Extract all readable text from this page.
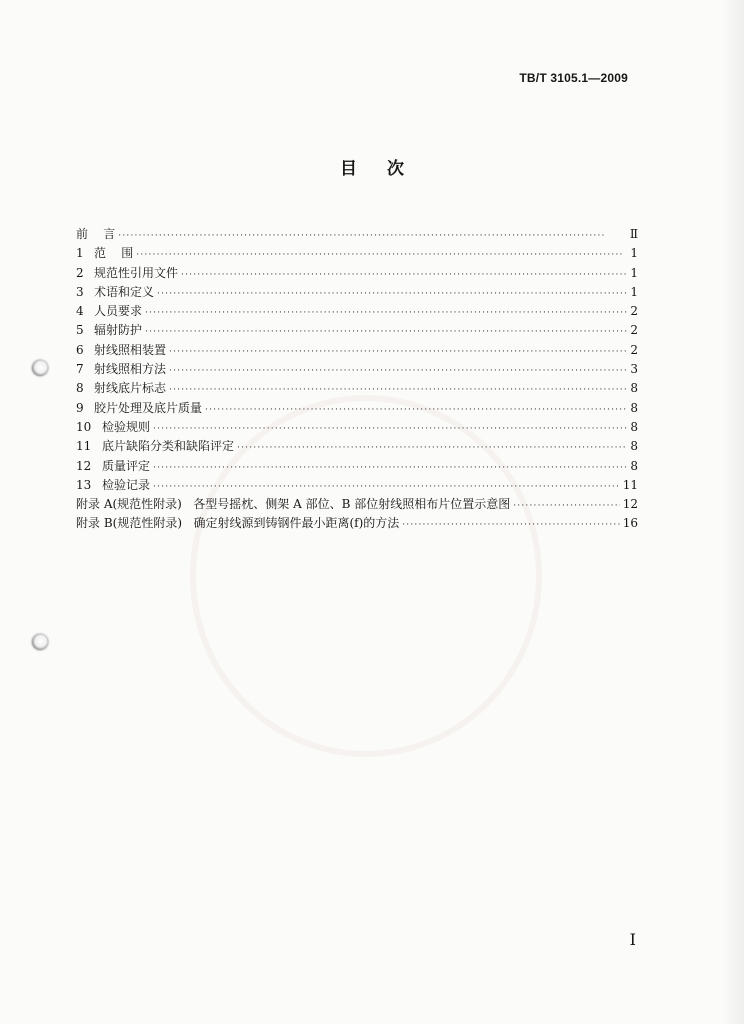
TB/T 3105.1—2009
目 次
前    言 ·····	Ⅱ
1 范    围 ·····	1
2 规范性引用文件 ·····	1
3 术语和定义 ·····	1
4 人员要求 ·····	2
5 辐射防护 ·····	2
6 射线照相装置 ·····	2
7 射线照相方法 ·····	3
8 射线底片标志 ·····	8
9 胶片处理及底片质量 ·····	8
10 检验规则 ·····	8
11 底片缺陷分类和缺陷评定 ·····	8
12 质量评定 ·····	8
13 检验记录 ·····	11
附录 A(规范性附录)   各型号摇枕、侧架 A 部位、B 部位射线照相布片位置示意图 ·····	12
附录 B(规范性附录)   确定射线源到铸钢件最小距离(f)的方法 ·····	16
I
